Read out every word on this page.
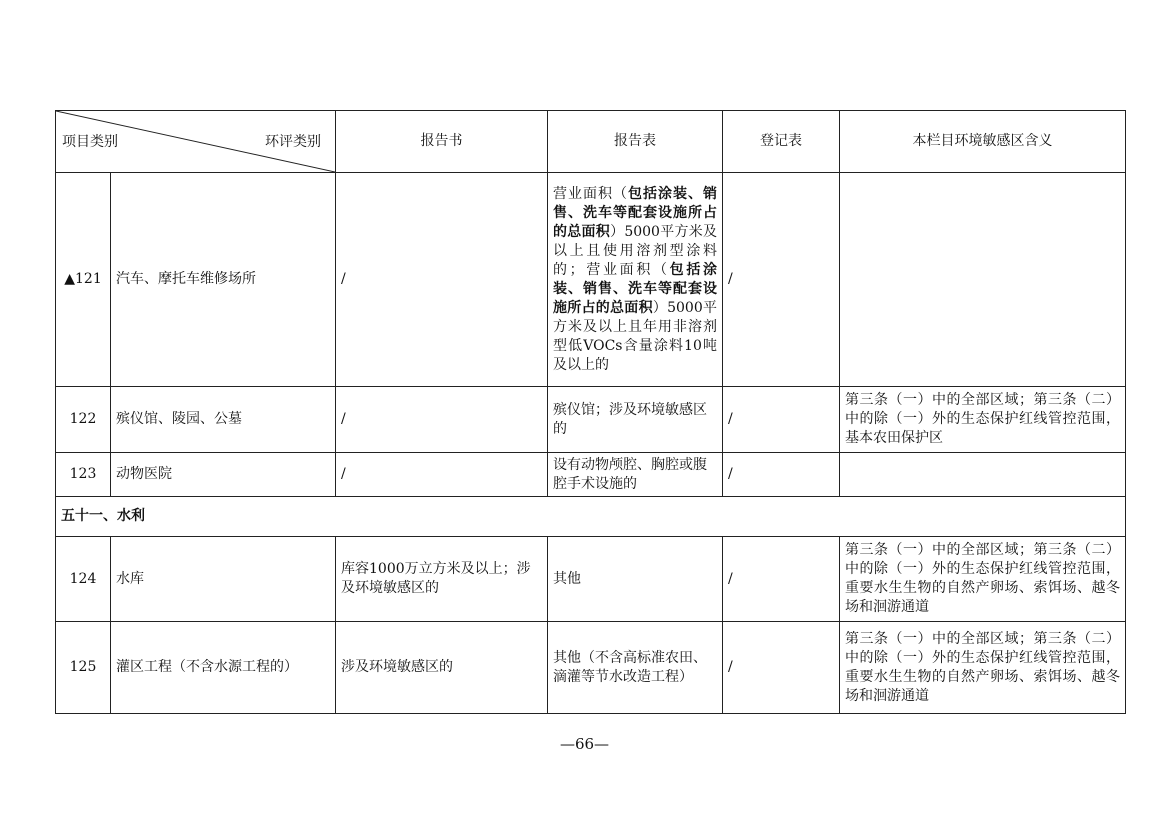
项目类别 环评类别		报告书	报告表	登记表	本栏目环境敏感区含义
▲121	汽车、摩托车维修场所	/	营业面积（包括涂装、销售、洗车等配套设施所占的总面积）5000平方米及以上且使用溶剂型涂料的；营业面积（包括涂装、销售、洗车等配套设施所占的总面积）5000平方米及以上且年用非溶剂型低VOCs含量涂料10吨及以上的	/	
122	殡仪馆、陵园、公墓	/	殡仪馆；涉及环境敏感区的	/	第三条（一）中的全部区域；第三条（二）中的除（一）外的生态保护红线管控范围，基本农田保护区
123	动物医院	/	设有动物颅腔、胸腔或腹腔手术设施的	/	
五十一、水利					
124	水库	库容1000万立方米及以上；涉及环境敏感区的	其他	/	第三条（一）中的全部区域；第三条（二）中的除（一）外的生态保护红线管控范围，重要水生生物的自然产卵场、索饵场、越冬场和洄游通道
125	灌区工程（不含水源工程的）	涉及环境敏感区的	其他（不含高标准农田、滴灌等节水改造工程）	/	第三条（一）中的全部区域；第三条（二）中的除（一）外的生态保护红线管控范围，重要水生生物的自然产卵场、索饵场、越冬场和洄游通道
—66—
